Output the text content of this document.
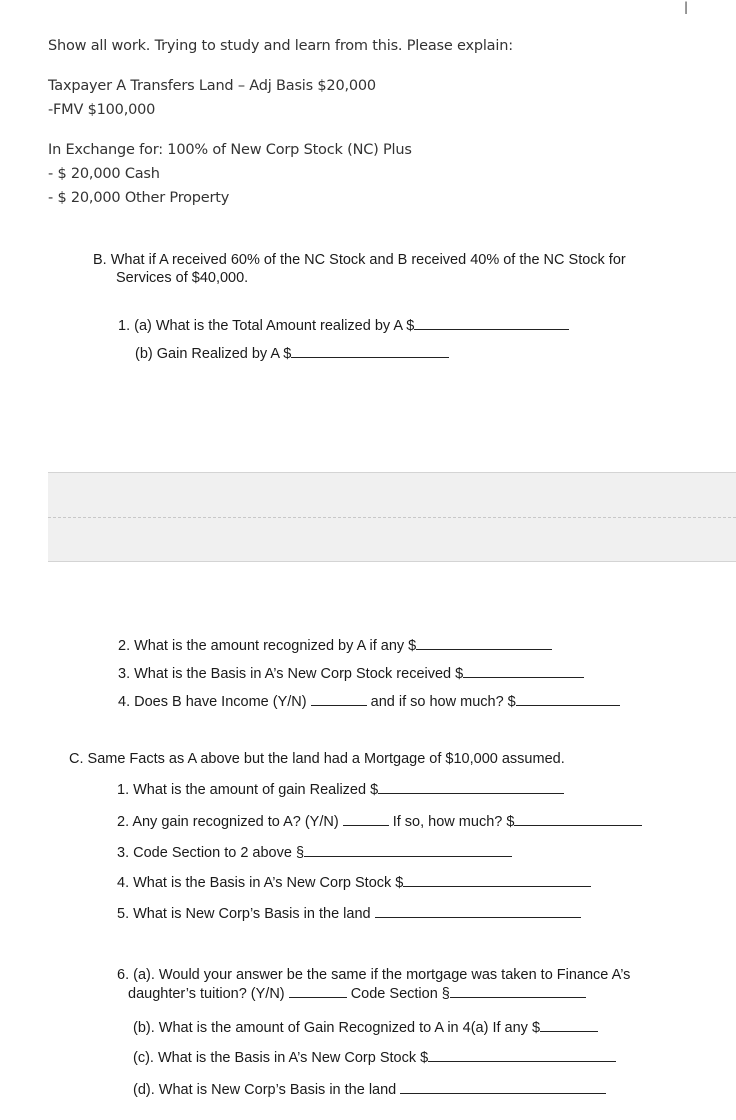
|

Show all work. Trying to study and learn from this. Please explain:

Taxpayer A Transfers Land – Adj Basis $20,000

-FMV $100,000

In Exchange for: 100% of New Corp Stock (NC) Plus

- $ 20,000 Cash

- $ 20,000 Other Property

B. What if A received 60% of the NC Stock and B received 40% of the NC Stock for

Services of $40,000.

1. (a) What is the Total Amount realized by A $

(b) Gain Realized by A $

2. What is the amount recognized by A if any $

3. What is the Basis in A’s New Corp Stock received $

4. Does B have Income (Y/N)	and if so how much? $

C. Same Facts as A above but the land had a Mortgage of $10,000 assumed.

1. What is the amount of gain Realized $

2. Any gain recognized to A? (Y/N)	If so, how much? $

3. Code Section to 2 above §

4. What is the Basis in A’s New Corp Stock $

5. What is New Corp’s Basis in the land

6. (a). Would your answer be the same if the mortgage was taken to Finance A’s

daughter’s tuition? (Y/N)	Code Section §

(b). What is the amount of Gain Recognized to A in 4(a) If any $

(c). What is the Basis in A’s New Corp Stock $

(d). What is New Corp’s Basis in the land
